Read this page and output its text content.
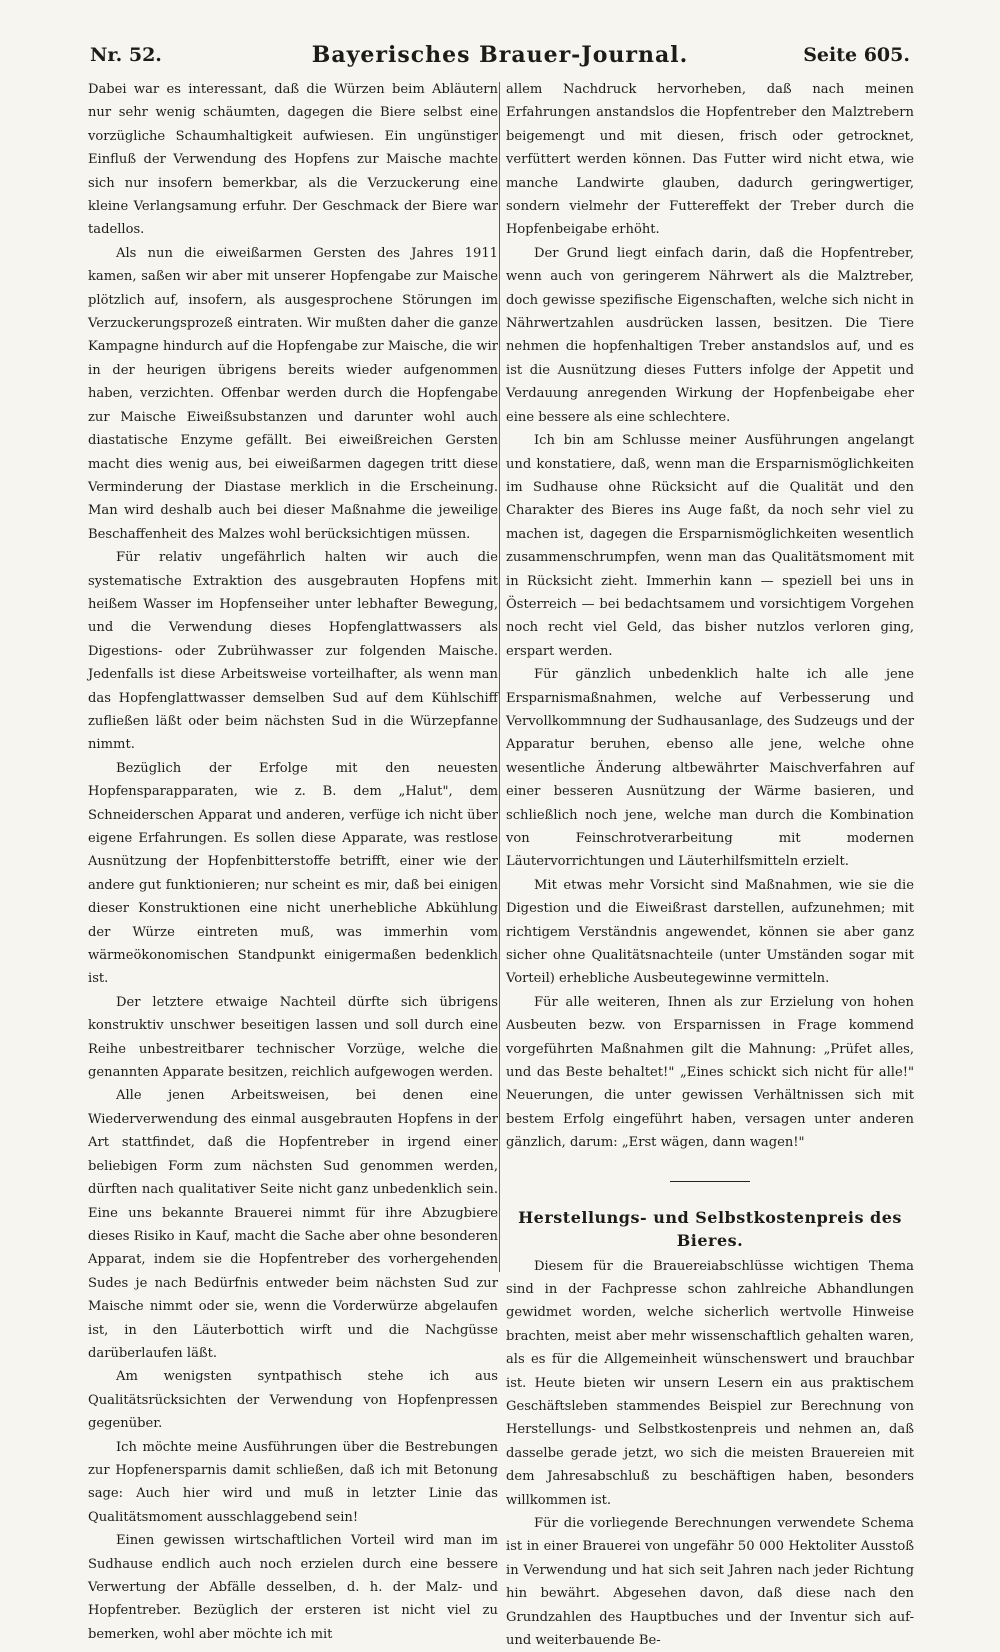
Nr. 52.	Bayerisches Brauer-Journal.	Seite 605.

Dabei war es interessant, daß die Würzen beim Abläutern nur sehr wenig schäumten, dagegen die Biere selbst eine vorzügliche Schaumhaltigkeit aufwiesen. Ein ungünstiger Einfluß der Verwendung des Hopfens zur Maische machte sich nur insofern bemerkbar, als die Verzuckerung eine kleine Verlangsamung erfuhr. Der Geschmack der Biere war tadellos.

Als nun die eiweißarmen Gersten des Jahres 1911 kamen, saßen wir aber mit unserer Hopfengabe zur Maische plötzlich auf, insofern, als ausgesprochene Störungen im Verzuckerungsprozeß eintraten. Wir mußten daher die ganze Kampagne hindurch auf die Hopfengabe zur Maische, die wir in der heurigen übrigens bereits wieder aufgenommen haben, verzichten. Offenbar werden durch die Hopfengabe zur Maische Eiweißsubstanzen und darunter wohl auch diastatische Enzyme gefällt. Bei eiweißreichen Gersten macht dies wenig aus, bei eiweißarmen dagegen tritt diese Verminderung der Diastase merklich in die Erscheinung. Man wird deshalb auch bei dieser Maßnahme die jeweilige Beschaffenheit des Malzes wohl berücksichtigen müssen.

Für relativ ungefährlich halten wir auch die systematische Extraktion des ausgebrauten Hopfens mit heißem Wasser im Hopfenseiher unter lebhafter Bewegung, und die Verwendung dieses Hopfenglattwassers als Digestions- oder Zubrühwasser zur folgenden Maische. Jedenfalls ist diese Arbeitsweise vorteilhafter, als wenn man das Hopfenglattwasser demselben Sud auf dem Kühlschiff zufließen läßt oder beim nächsten Sud in die Würzepfanne nimmt.

Bezüglich der Erfolge mit den neuesten Hopfensparapparaten, wie z. B. dem „Halut", dem Schneiderschen Apparat und anderen, verfüge ich nicht über eigene Erfahrungen. Es sollen diese Apparate, was restlose Ausnützung der Hopfenbitterstoffe betrifft, einer wie der andere gut funktionieren; nur scheint es mir, daß bei einigen dieser Konstruktionen eine nicht unerhebliche Abkühlung der Würze eintreten muß, was immerhin vom wärmeökonomischen Standpunkt einigermaßen bedenklich ist.

Der letztere etwaige Nachteil dürfte sich übrigens konstruktiv unschwer beseitigen lassen und soll durch eine Reihe unbestreitbarer technischer Vorzüge, welche die genannten Apparate besitzen, reichlich aufgewogen werden.

Alle jenen Arbeitsweisen, bei denen eine Wiederverwendung des einmal ausgebrauten Hopfens in der Art stattfindet, daß die Hopfentreber in irgend einer beliebigen Form zum nächsten Sud genommen werden, dürften nach qualitativer Seite nicht ganz unbedenklich sein. Eine uns bekannte Brauerei nimmt für ihre Abzugbiere dieses Risiko in Kauf, macht die Sache aber ohne besonderen Apparat, indem sie die Hopfentreber des vorhergehenden Sudes je nach Bedürfnis entweder beim nächsten Sud zur Maische nimmt oder sie, wenn die Vorderwürze abgelaufen ist, in den Läuterbottich wirft und die Nachgüsse darüberlaufen läßt.

Am wenigsten syntpathisch stehe ich aus Qualitätsrücksichten der Verwendung von Hopfenpressen gegenüber.

Ich möchte meine Ausführungen über die Bestrebungen zur Hopfenersparnis damit schließen, daß ich mit Betonung sage: Auch hier wird und muß in letzter Linie das Qualitätsmoment ausschlaggebend sein!

Einen gewissen wirtschaftlichen Vorteil wird man im Sudhause endlich auch noch erzielen durch eine bessere Verwertung der Abfälle desselben, d. h. der Malz- und Hopfentreber. Bezüglich der ersteren ist nicht viel zu bemerken, wohl aber möchte ich mit

allem Nachdruck hervorheben, daß nach meinen Erfahrungen anstandslos die Hopfentreber den Malztrebern beigemengt und mit diesen, frisch oder getrocknet, verfüttert werden können. Das Futter wird nicht etwa, wie manche Landwirte glauben, dadurch geringwertiger, sondern vielmehr der Futtereffekt der Treber durch die Hopfenbeigabe erhöht.

Der Grund liegt einfach darin, daß die Hopfentreber, wenn auch von geringerem Nährwert als die Malztreber, doch gewisse spezifische Eigenschaften, welche sich nicht in Nährwertzahlen ausdrücken lassen, besitzen. Die Tiere nehmen die hopfenhaltigen Treber anstandslos auf, und es ist die Ausnützung dieses Futters infolge der Appetit und Verdauung anregenden Wirkung der Hopfenbeigabe eher eine bessere als eine schlechtere.

Ich bin am Schlusse meiner Ausführungen angelangt und konstatiere, daß, wenn man die Ersparnismöglichkeiten im Sudhause ohne Rücksicht auf die Qualität und den Charakter des Bieres ins Auge faßt, da noch sehr viel zu machen ist, dagegen die Ersparnismöglichkeiten wesentlich zusammenschrumpfen, wenn man das Qualitätsmoment mit in Rücksicht zieht. Immerhin kann — speziell bei uns in Österreich — bei bedachtsamem und vorsichtigem Vorgehen noch recht viel Geld, das bisher nutzlos verloren ging, erspart werden.

Für gänzlich unbedenklich halte ich alle jene Ersparnismaßnahmen, welche auf Verbesserung und Vervollkommnung der Sudhausanlage, des Sudzeugs und der Apparatur beruhen, ebenso alle jene, welche ohne wesentliche Änderung altbewährter Maischverfahren auf einer besseren Ausnützung der Wärme basieren, und schließlich noch jene, welche man durch die Kombination von Feinschrotverarbeitung mit modernen Läutervorrichtungen und Läuterhilfsmitteln erzielt.

Mit etwas mehr Vorsicht sind Maßnahmen, wie sie die Digestion und die Eiweißrast darstellen, aufzunehmen; mit richtigem Verständnis angewendet, können sie aber ganz sicher ohne Qualitätsnachteile (unter Umständen sogar mit Vorteil) erhebliche Ausbeutegewinne vermitteln.

Für alle weiteren, Ihnen als zur Erzielung von hohen Ausbeuten bezw. von Ersparnissen in Frage kommend vorgeführten Maßnahmen gilt die Mahnung: „Prüfet alles, und das Beste behaltet!" „Eines schickt sich nicht für alle!" Neuerungen, die unter gewissen Verhältnissen sich mit bestem Erfolg eingeführt haben, versagen unter anderen gänzlich, darum: „Erst wägen, dann wagen!"

Herstellungs- und Selbstkostenpreis des Bieres.

Diesem für die Brauereiabschlüsse wichtigen Thema sind in der Fachpresse schon zahlreiche Abhandlungen gewidmet worden, welche sicherlich wertvolle Hinweise brachten, meist aber mehr wissenschaftlich gehalten waren, als es für die Allgemeinheit wünschenswert und brauchbar ist. Heute bieten wir unsern Lesern ein aus praktischem Geschäftsleben stammendes Beispiel zur Berechnung von Herstellungs- und Selbstkostenpreis und nehmen an, daß dasselbe gerade jetzt, wo sich die meisten Brauereien mit dem Jahresabschluß zu beschäftigen haben, besonders willkommen ist.

Für die vorliegende Berechnungen verwendete Schema ist in einer Brauerei von ungefähr 50 000 Hektoliter Ausstoß in Verwendung und hat sich seit Jahren nach jeder Richtung hin bewährt. Abgesehen davon, daß diese nach den Grundzahlen des Hauptbuches und der Inventur sich auf- und weiterbauende Be-
